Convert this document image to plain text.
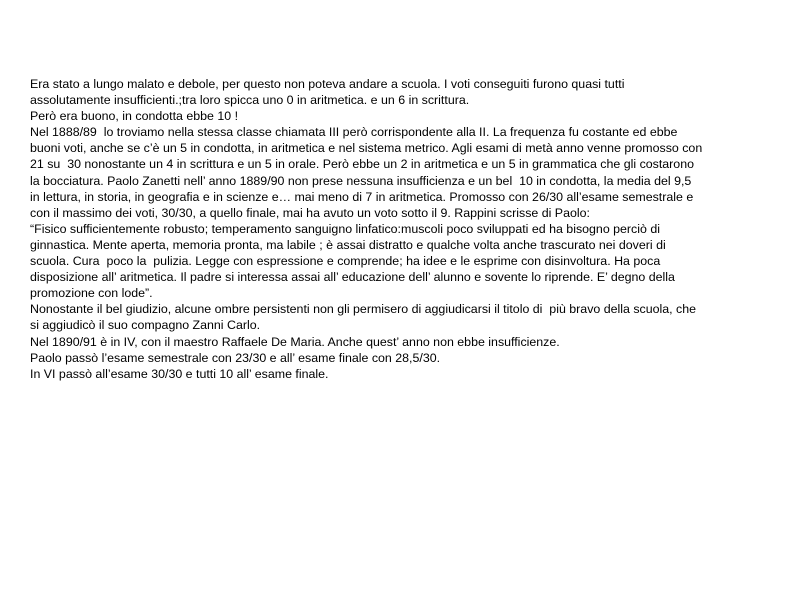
Era stato a lungo malato e debole, per questo non poteva andare a scuola. I voti conseguiti furono quasi tutti
assolutamente insufficienti.;tra loro spicca uno 0 in aritmetica. e un 6 in scrittura.
Però era buono, in condotta ebbe 10 !
Nel 1888/89  lo troviamo nella stessa classe chiamata III però corrispondente alla II. La frequenza fu costante ed ebbe
buoni voti, anche se c’è un 5 in condotta, in aritmetica e nel sistema metrico. Agli esami di metà anno venne promosso con
21 su  30 nonostante un 4 in scrittura e un 5 in orale. Però ebbe un 2 in aritmetica e un 5 in grammatica che gli costarono
la bocciatura. Paolo Zanetti nell’ anno 1889/90 non prese nessuna insufficienza e un bel  10 in condotta, la media del 9,5
in lettura, in storia, in geografia e in scienze e… mai meno di 7 in aritmetica. Promosso con 26/30 all’esame semestrale e
con il massimo dei voti, 30/30, a quello finale, mai ha avuto un voto sotto il 9. Rappini scrisse di Paolo:
“Fisico sufficientemente robusto; temperamento sanguigno linfatico:muscoli poco sviluppati ed ha bisogno perciò di
ginnastica. Mente aperta, memoria pronta, ma labile ; è assai distratto e qualche volta anche trascurato nei doveri di
scuola. Cura  poco la  pulizia. Legge con espressione e comprende; ha idee e le esprime con disinvoltura. Ha poca
disposizione all’ aritmetica. Il padre si interessa assai all’ educazione dell’ alunno e sovente lo riprende. E’ degno della
promozione con lode”.
Nonostante il bel giudizio, alcune ombre persistenti non gli permisero di aggiudicarsi il titolo di  più bravo della scuola, che
si aggiudicò il suo compagno Zanni Carlo.
Nel 1890/91 è in IV, con il maestro Raffaele De Maria. Anche quest’ anno non ebbe insufficienze.
Paolo passò l’esame semestrale con 23/30 e all’ esame finale con 28,5/30.
In VI passò all’esame 30/30 e tutti 10 all’ esame finale.
